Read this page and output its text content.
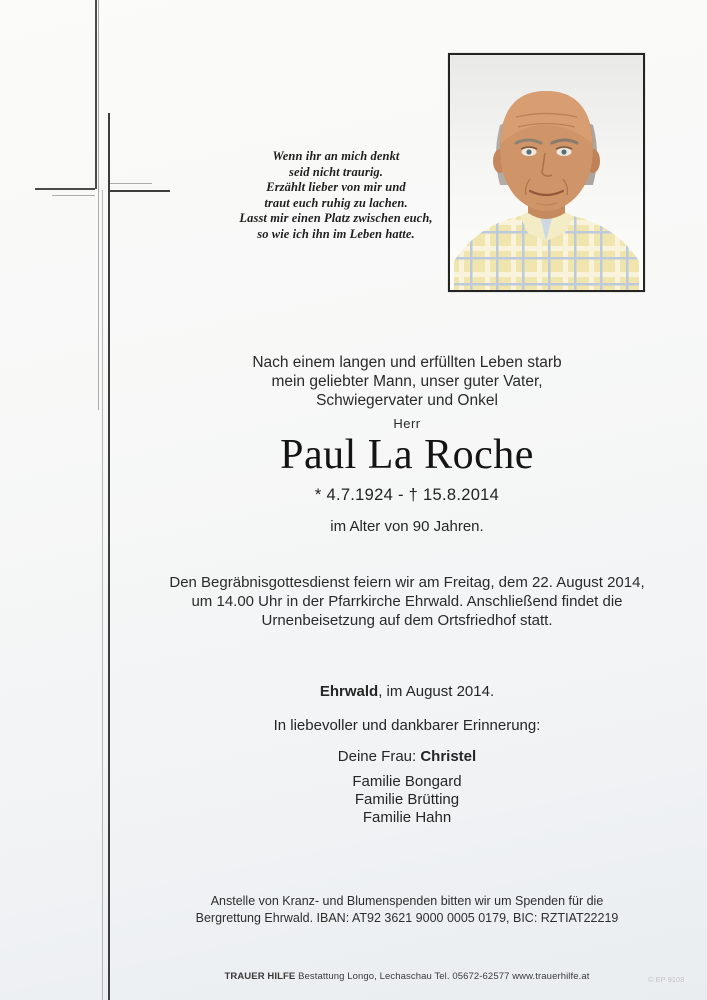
Wenn ihr an mich denkt
seid nicht traurig.
Erzählt lieber von mir und
traut euch ruhig zu lachen.
Lasst mir einen Platz zwischen euch,
so wie ich ihn im Leben hatte.
Nach einem langen und erfüllten Leben starb
mein geliebter Mann, unser guter Vater,
Schwiegervater und Onkel
Herr
Paul La Roche
* 4.7.1924 - † 15.8.2014
im Alter von 90 Jahren.
Den Begräbnisgottesdienst feiern wir am Freitag, dem 22. August 2014,
um 14.00 Uhr in der Pfarrkirche Ehrwald. Anschließend findet die
Urnenbeisetzung auf dem Ortsfriedhof statt.
Ehrwald, im August 2014.
In liebevoller und dankbarer Erinnerung:
Deine Frau: Christel
Familie Bongard
Familie Brütting
Familie Hahn
Anstelle von Kranz- und Blumenspenden bitten wir um Spenden für die
Bergrettung Ehrwald. IBAN: AT92 3621 9000 0005 0179, BIC: RZTIAT22219
TRAUER HILFE Bestattung Longo, Lechaschau Tel. 05672-62577 www.trauerhilfe.at	© EP 9108
